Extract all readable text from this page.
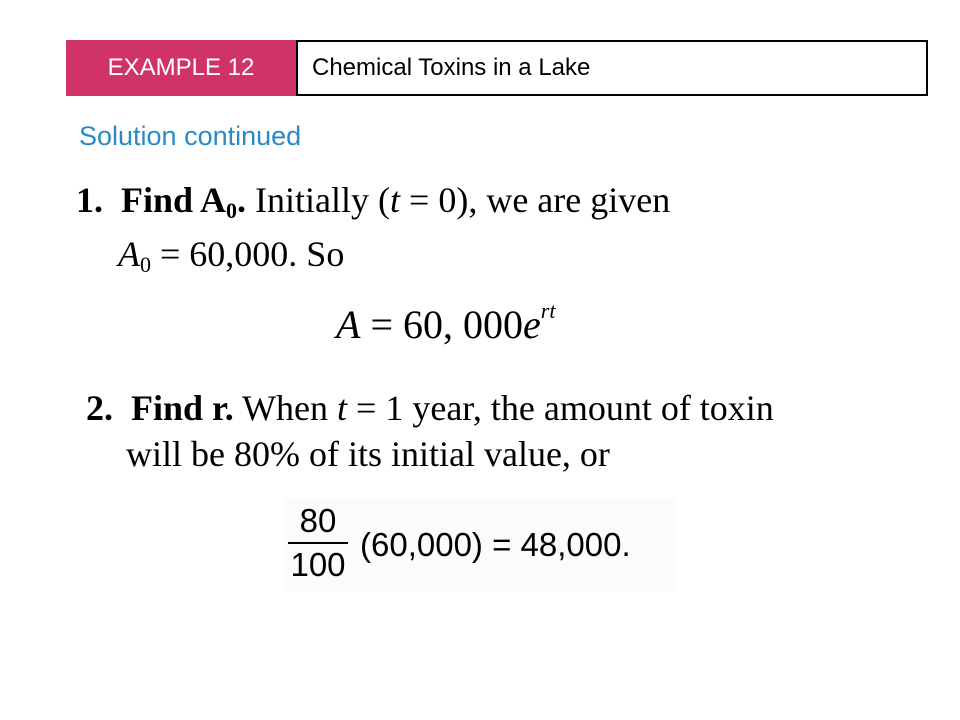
EXAMPLE 12	Chemical Toxins in a Lake
Solution continued
1. Find $A_0$. Initially (t = 0), we are given
$A_0 = 60,000$. So
A = 60, $000e^{rt}$
2. Find r. When t = 1 year, the amount of toxin
will be 80% of its initial value, or
80
100
(60,000) = 48,000.
